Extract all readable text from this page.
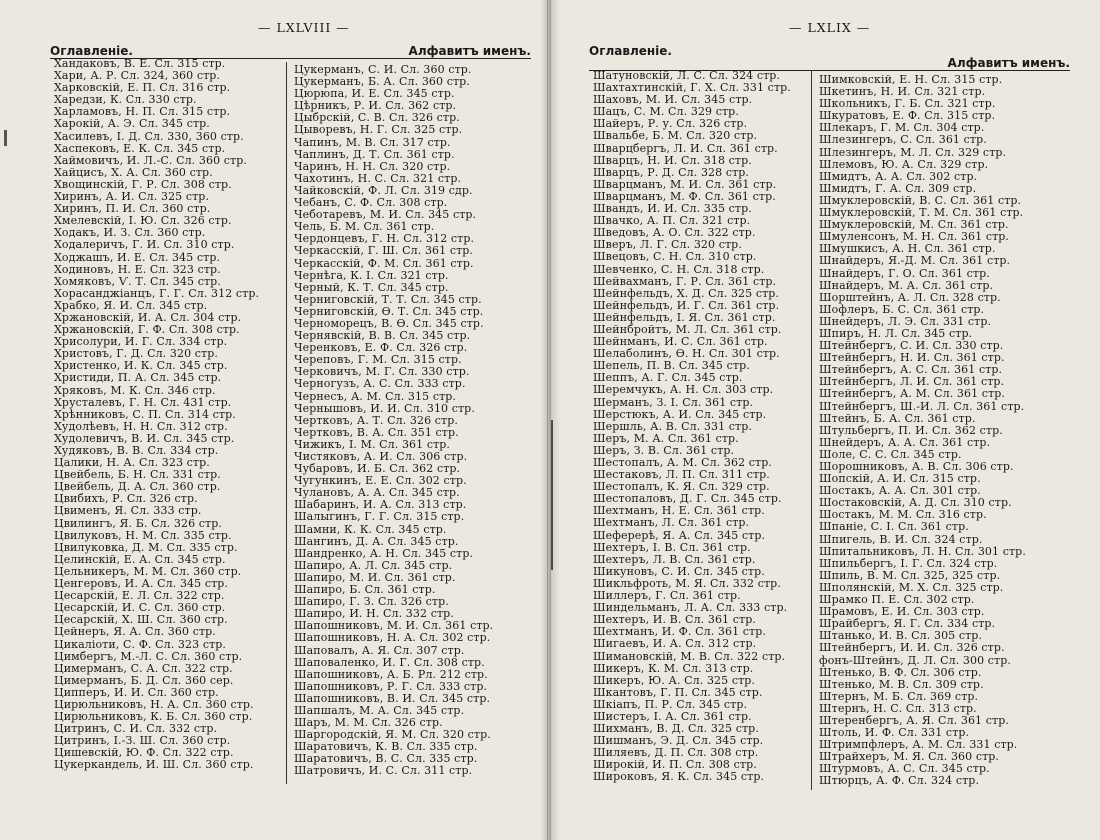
— LXLVIII —
Оглавленіе.	Алфавитъ именъ.
Хандаковъ, В. Е. Сл. 315 стр.
Хари, А. Р. Сл. 324, 360 стр.
Харковскій, Е. П. Сл. 316 стр.
Харедзи, К. Сл. 330 стр.
Харламовъ, Н. П. Сл. 315 стр.
Харокій, А. Э. Сл. 345 стр.
Хасилевъ, І. Д. Сл. 330, 360 стр.
Хаспековъ, Е. К. Сл. 345 стр.
Хаймовичъ, И. Л.-С. Сл. 360 стр.
Хайцисъ, Х. А. Сл. 360 стр.
Хвощинскій, Г. Р. Сл. 308 стр.
Хиринъ, А. И. Сл. 325 стр.
Хиринъ, П. И. Сл. 360 стр.
Хмелевскій, І. Ю. Сл. 326 стр.
Ходакъ, И. З. Сл. 360 стр.
Ходалеричъ, Г. И. Сл. 310 стр.
Ходжашъ, И. Е. Сл. 345 стр.
Ходиновъ, Н. Е. Сл. 323 стр.
Хомяковъ, Ѵ. Т. Сл. 345 стр.
Хорасанджіанцъ, Г. Г. Сл. 312 стр.
Храбко, Я. И. Сл. 345 стр.
Хржановскій, И. А. Сл. 304 стр.
Хржановскій, Г. Ф. Сл. 308 стр.
Хрисолури, И. Г. Сл. 334 стр.
Христовъ, Г. Д. Сл. 320 стр.
Христенко, И. К. Сл. 345 стр.
Христиди, П. А. Сл. 345 стр.
Хряковъ, М. К. Сл. 346 стр.
Хрусталевъ, Г. Н. Сл. 431 стр.
Хрѣнниковъ, С. П. Сл. 314 стр.
Худолѣевъ, Н. Н. Сл. 312 стр.
Худолевичъ, В. И. Сл. 345 стр.
Худяковъ, В. В. Сл. 334 стр.
Цалики, Н. А. Сл. 323 стр.
Цвейбель, Б. Н. Сл. 331 стр.
Цвейбель, Д. А. Сл. 360 стр.
Цвибихъ, Р. Сл. 326 стр.
Цвименъ, Я. Сл. 333 стр.
Цвилингъ, Я. Б. Сл. 326 стр.
Цвилуковъ, Н. М. Сл. 335 стр.
Цвилуковка, Д. М. Сл. 335 стр.
Целинскій, Е. А. Сл. 345 стр.
Цельникеръ, М. М. Сл. 360 стр.
Ценгеровъ, И. А. Сл. 345 стр.
Цесарскій, Е. Л. Сл. 322 стр.
Цесарскій, И. С. Сл. 360 стр.
Цесарскій, Х. Ш. Сл. 360 стр.
Цейнеръ, Я. А. Сл. 360 стр.
Цикаліоти, С. Ф. Сл. 323 стр.
Цимбергъ, М.-Л. С. Сл. 360 стр.
Цимерманъ, С. А. Сл. 322 стр.
Цимерманъ, Б. Д. Сл. 360 сер.
Ципперъ, И. И. Сл. 360 стр.
Цирюльниковъ, Н. А. Сл. 360 стр.
Цирюльниковъ, К. Б. Сл. 360 стр.
Цитринъ, С. И. Сл. 332 стр.
Цитринъ, І.-З. Ш. Сл. 360 стр.
Цишевскій, Ю. Ф. Сл. 322 стр.
Цукеркандель, И. Ш. Сл. 360 стр.
Цукерманъ, С. И. Сл. 360 стр.
Цукерманъ, Б. А. Сл. 360 стр.
Цюрюпа, И. Е. Сл. 345 стр.
Цѣрникъ, Р. И. Сл. 362 стр.
Цыбрскій, С. В. Сл. 326 стр.
Цыворевъ, Н. Г. Сл. 325 стр.
Чапинъ, М. В. Сл. 317 стр.
Чаплинъ, Д. Т. Сл. 361 стр.
Чаринъ, Н. Н. Сл. 320 стр.
Чахотинъ, Н. С. Сл. 321 стр.
Чайковскій, Ф. Л. Сл. 319 сдр.
Чебанъ, С. Ф. Сл. 308 стр.
Чеботаревъ, М. И. Сл. 345 стр.
Чель, Б. М. Сл. 361 стр.
Чердонцевъ, Г. Н. Сл. 312 стр.
Черкасскій, Г. Ш. Сл. 361 стр.
Черкасскій, Ф. М. Сл. 361 стр.
Чернѣга, К. І. Сл. 321 стр.
Черный, К. Т. Сл. 345 стр.
Черниговскій, Т. Т. Сл. 345 стр.
Черниговскій, Ѳ. Т. Сл. 345 стр.
Черноморецъ, В. Ѳ. Сл. 345 стр.
Чернявскій, В. В. Сл. 345 стр.
Черенковъ, Е. Ф. Сл. 326 стр.
Череповъ, Г. М. Сл. 315 стр.
Черковичъ, М. Г. Сл. 330 стр.
Черногузъ, А. С. Сл. 333 стр.
Чернесъ, А. М. Сл. 315 стр.
Чернышовъ, И. И. Сл. 310 стр.
Чертковъ, А. Т. Сл. 326 стр.
Чертковъ, В. А. Сл. 351 стр.
Чижикъ, І. М. Сл. 361 стр.
Чистяковъ, А. И. Сл. 306 стр.
Чубаровъ, И. Б. Сл. 362 стр.
Чугункинъ, Е. Е. Сл. 302 стр.
Чулановъ, А. А. Сл. 345 стр.
Шабаринъ, И. А. Сл. 313 стр.
Шалыгинъ, Г. Г. Сл. 315 стр.
Шамни, К. К. Сл. 345 стр.
Шангинъ, Д. А. Сл. 345 стр.
Шандренко, А. Н. Сл. 345 стр.
Шапиро, А. Л. Сл. 345 стр.
Шапиро, М. И. Сл. 361 стр.
Шапиро, Б. Сл. 361 стр.
Шапиро, Г. З. Сл. 326 стр.
Шапиро, И. Н. Сл. 332 стр.
Шапошниковъ, М. И. Сл. 361 стр.
Шапошниковъ, Н. А. Сл. 302 стр.
Шаповалъ, А. Я. Сл. 307 стр.
Шаповаленко, И. Г. Сл. 308 стр.
Шапошниковъ, А. Б. Рл. 212 стр.
Шапошниковъ, Р. Г. Сл. 333 стр.
Шапошниковъ, В. И. Сл. 345 стр.
Шапшалъ, М. А. Сл. 345 стр.
Шаръ, М. М. Сл. 326 стр.
Шаргородскій, Я. М. Сл. 320 стр.
Шаратовичъ, К. В. Сл. 335 стр.
Шаратовичъ, В. С. Сл. 335 стр.
Шатровичъ, И. С. Сл. 311 стр.
— LXLIX —
Оглавленіе.
Алфавитъ именъ.
Шатуновскій, Л. С. Сл. 324 стр.
Шахтахтинскій, Г. Х. Сл. 331 стр.
Шаховъ, М. И. Сл. 345 стр.
Шацъ, С. М. Сл. 329 стр.
Шайеръ, Р. у. Сл. 326 стр.
Швальбе, Б. М. Сл. 320 стр.
Шварцбергъ, Л. И. Сл. 361 стр.
Шварцъ, Н. И. Сл. 318 стр.
Шварцъ, Р. Д. Сл. 328 стр.
Шварцманъ, М. И. Сл. 361 стр.
Шварцманъ, М. Ф. Сл. 361 стр.
Швандъ, И. И. Сл. 335 стр.
Швачко, А. П. Сл. 321 стр.
Шведовъ, А. О. Сл. 322 стр.
Шверъ, Л. Г. Сл. 320 стр.
Швецовъ, С. Н. Сл. 310 стр.
Шевченко, С. Н. Сл. 318 стр.
Шейвахманъ, Г. Р. Сл. 361 стр.
Шейнфельдъ, Х. Д. Сл. 325 стр.
Шейнфельдъ, И. Г. Сл. 361 стр.
Шейнфельдъ, І. Я. Сл. 361 стр.
Шейнбройтъ, М. Л. Сл. 361 стр.
Шейнманъ, И. С. Сл. 361 стр.
Шелаболинъ, Ѳ. Н. Сл. 301 стр.
Шепель, П. В. Сл. 345 стр.
Шеппъ, А. Г. Сл. 345 стр.
Шеремчукъ, А. Н. Сл. 303 стр.
Шерманъ, З. І. Сл. 361 стр.
Шерстюкъ, А. И. Сл. 345 стр.
Шершль, А. В. Сл. 331 стр.
Шеръ, М. А. Сл. 361 стр.
Шеръ, З. В. Сл. 361 стр.
Шестопалъ, А. М. Сл. 362 стр.
Шестаковъ, Л. П. Сл. 311 стр.
Шестопалъ, К. Я. Сл. 329 стр.
Шестопаловъ, Д. Г. Сл. 345 стр.
Шехтманъ, Н. Е. Сл. 361 стр.
Шехтманъ, Л. Сл. 361 стр.
Шеферерѣ, Я. А. Сл. 345 стр.
Шехтеръ, І. В. Сл. 361 стр.
Шехтеръ, Л. В. Сл. 361 стр.
Шикуновъ, С. И. Сл. 345 стр.
Шикльфроть, М. Я. Сл. 332 стр.
Шиллеръ, Г. Сл. 361 стр.
Шиндельманъ, Л. А. Сл. 333 стр.
Шехтеръ, И. В. Сл. 361 стр.
Шехтманъ, И. Ф. Сл. 361 стр.
Шигаевъ, И. А. Сл. 312 стр.
Шимановскій, М. В. Сл. 322 стр.
Шикеръ, К. М. Сл. 313 стр.
Шикеръ, Ю. А. Сл. 325 стр.
Шкантовъ, Г. П. Сл. 345 стр.
Шкіапъ, П. Р. Сл. 345 стр.
Шистеръ, І. А. Сл. 361 стр.
Шихманъ, В. Д. Сл. 325 стр.
Шишманъ, Э. Д. Сл. 345 стр.
Шиляевъ, Д. П. Сл. 308 стр.
Широкій, И. П. Сл. 308 стр.
Широковъ, Я. К. Сл. 345 стр.
Шимковскій, Е. Н. Сл. 315 стр.
Шкетинъ, Н. И. Сл. 321 стр.
Школьникъ, Г. Б. Сл. 321 стр.
Шкуратовъ, Е. Ф. Сл. 315 стр.
Шлекаръ, Г. М. Сл. 304 стр.
Шлезингеръ, С. Сл. 361 стр.
Шлезингеръ, М. Л. Сл. 329 стр.
Шлемовъ, Ю. А. Сл. 329 стр.
Шмидтъ, А. А. Сл. 302 стр.
Шмидтъ, Г. А. Сл. 309 стр.
Шмуклеровскій, В. С. Сл. 361 стр.
Шмуклеровскій, Т. М. Сл. 361 стр.
Шмуклеровскій, М. Сл. 361 стр.
Шмуленсонъ, М. Н. Сл. 361 стр.
Шмушкисъ, А. Н. Сл. 361 стр.
Шнайдеръ, Я.-Д. М. Сл. 361 стр.
Шнайдеръ, Г. О. Сл. 361 стр.
Шнайдеръ, М. А. Сл. 361 стр.
Шорштейнъ, А. Л. Сл. 328 стр.
Шофлеръ, Б. С. Сл. 361 стр.
Шнейдеръ, Л. Э. Сл. 331 стр.
Шпиръ, Н. Л. Сл. 345 стр.
Штейнбергъ, С. И. Сл. 330 стр.
Штейнбергъ, Н. И. Сл. 361 стр.
Штейнбергъ, А. С. Сл. 361 стр.
Штейнбергъ, Л. И. Сл. 361 стр.
Штейнбергъ, А. М. Сл. 361 стр.
Штейнбергъ, Ш.-И. Л. Сл. 361 стр.
Штейнъ, Б. А. Сл. 361 стр.
Штульбергъ, П. И. Сл. 362 стр.
Шнейдеръ, А. А. Сл. 361 стр.
Шоле, С. С. Сл. 345 стр.
Шорошниковъ, А. В. Сл. 306 стр.
Шопскій, А. И. Сл. 315 стр.
Шостакъ, А. А. Сл. 301 стр.
Шостаковскій, А. Д. Сл. 310 стр.
Шостакъ, М. М. Сл. 316 стр.
Шпаніе, С. І. Сл. 361 стр.
Шпигель, В. И. Сл. 324 стр.
Шпитальниковъ, Л. Н. Сл. 301 стр.
Шпильбергъ, І. Г. Сл. 324 стр.
Шпиль, В. М. Сл. 325, 325 стр.
Шполянскій, М. Х. Сл. 325 стр.
Шрамко П. Е. Сл. 302 стр.
Шрамовъ, Е. И. Сл. 303 стр.
Шрайбергъ, Я. Г. Сл. 334 стр.
Штанько, И. В. Сл. 305 стр.
Штейнбергъ, И. И. Сл. 326 стр.
фонъ-Штейнъ, Д. Л. Сл. 300 стр.
Штенько, В. Ф. Сл. 306 стр.
Штенько, М. В. Сл. 309 стр.
Штернъ, М. Б. Сл. 369 стр.
Штернъ, Н. С. Сл. 313 стр.
Штеренбергъ, А. Я. Сл. 361 стр.
Штоль, И. Ф. Сл. 331 стр.
Штримпфлеръ, А. М. Сл. 331 стр.
Штрайхеръ, М. Я. Сл. 360 стр.
Штурмовъ, А. С. Сл. 345 стр.
Штюрцъ, А. Ф. Сл. 324 стр.
